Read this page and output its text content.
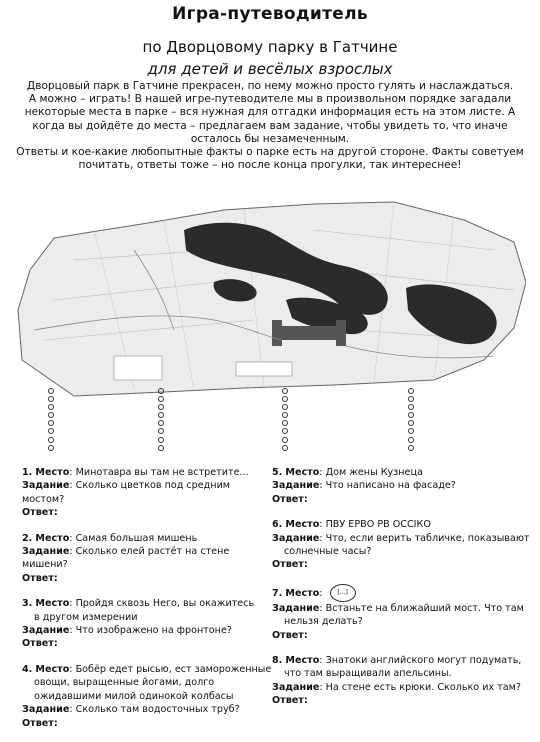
Игра-путеводитель
по Дворцовому парку в Гатчине
для детей и весёлых взрослых

Дворцовый парк в Гатчине прекрасен, по нему можно просто гулять и наслаждаться.

А можно – играть! В нашей игре-путеводителе мы в произвольном порядке загадали некоторые места в парке – вся нужная для отгадки информация есть на этом листе. А когда вы дойдёте до места – предлагаем вам задание, чтобы увидеть то, что иначе осталось бы незамеченным.

Ответы и кое-какие любопытные факты о парке есть на другой стороне. Факты советуем почитать, ответы тоже – но после конца прогулки, так интереснее!

1. Место: Минотавра вы там не встретите...
Задание: Сколько цветков под средним мостом?
Ответ:
2. Место: Самая большая мишень
Задание: Сколько елей растёт на стене мишени?
Ответ:
3. Место: Пройдя сквозь Него, вы окажитесь
в другом измерении
Задание: Что изображено на фронтоне?
Ответ:
4. Место: Бобёр едет рысью, ест замороженные
овощи, выращенные йогами, долго
ожидавшими милой одинокой колбасы
Задание: Сколько там водосточных труб?
Ответ:
5. Место: Дом жены Кузнеца
Задание: Что написано на фасаде?
Ответ:
6. Место: ПВУ ЕРВО РВ ОССІКО
Задание: Что, если верить табличке, показывают
солнечные часы?
Ответ:
7. Место: [...]
Задание: Встаньте на ближайший мост. Что там
нельзя делать?
Ответ:
8. Место: Знатоки английского могут подумать,
что там выращивали апельсины.
Задание: На стене есть крюки. Сколько их там?
Ответ:
